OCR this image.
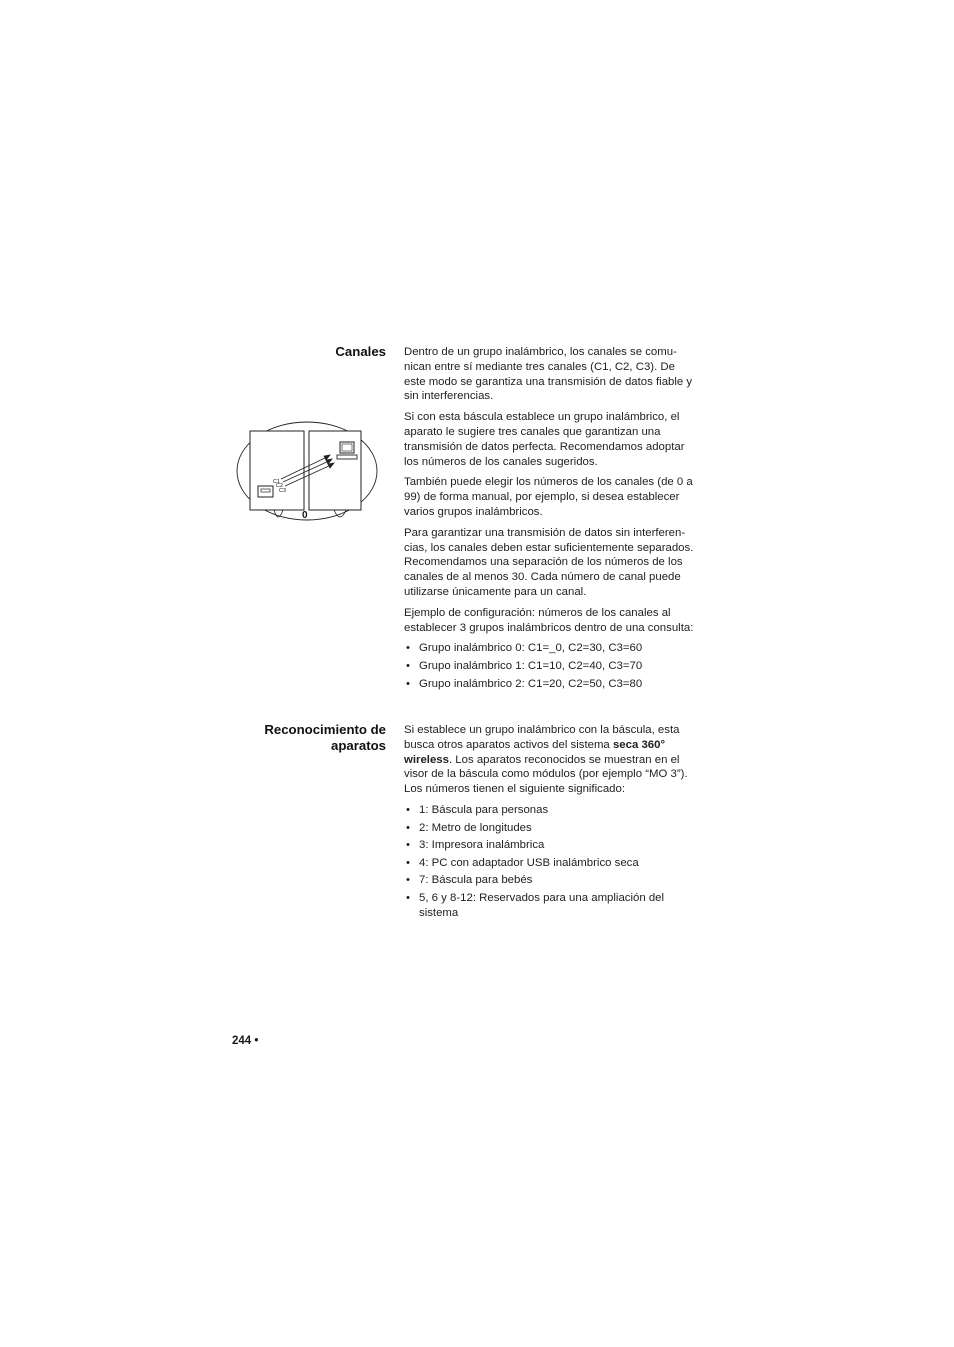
C1
C2
C3
0
Canales Dentro de un grupo inalámbrico, los canales se comunican entre sí mediante tres canales (C1, C2, C3). De este modo se garantiza una transmisión de datos fiable y sin interferencias.

Si con esta báscula establece un grupo inalámbrico, el aparato le sugiere tres canales que garantizan una transmisión de datos perfecta. Recomendamos adoptar los números de los canales sugeridos.

También puede elegir los números de los canales (de 0 a 99) de forma manual, por ejemplo, si desea establecer varios grupos inalámbricos.

Para garantizar una transmisión de datos sin interferencias, los canales deben estar suficientemente separados. Recomendamos una separación de los números de los canales de al menos 30. Cada número de canal puede utilizarse únicamente para un canal.

Ejemplo de configuración: números de los canales al establecer 3 grupos inalámbricos dentro de una consulta:

• Grupo inalámbrico 0: C1=_0, C2=30, C3=60
• Grupo inalámbrico 1: C1=10, C2=40, C3=70
• Grupo inalámbrico 2: C1=20, C2=50, C3=80
Reconocimiento de
aparatos

Si establece un grupo inalámbrico con la báscula, esta busca otros aparatos activos del sistema seca 360° wireless. Los aparatos reconocidos se muestran en el visor de la báscula como módulos (por ejemplo “MO 3”). Los números tienen el siguiente significado:

• 1: Báscula para personas
• 2: Metro de longitudes
• 3: Impresora inalámbrica
• 4: PC con adaptador USB inalámbrico seca
• 7: Báscula para bebés
• 5, 6 y 8-12: Reservados para una ampliación del sistema
244 •
